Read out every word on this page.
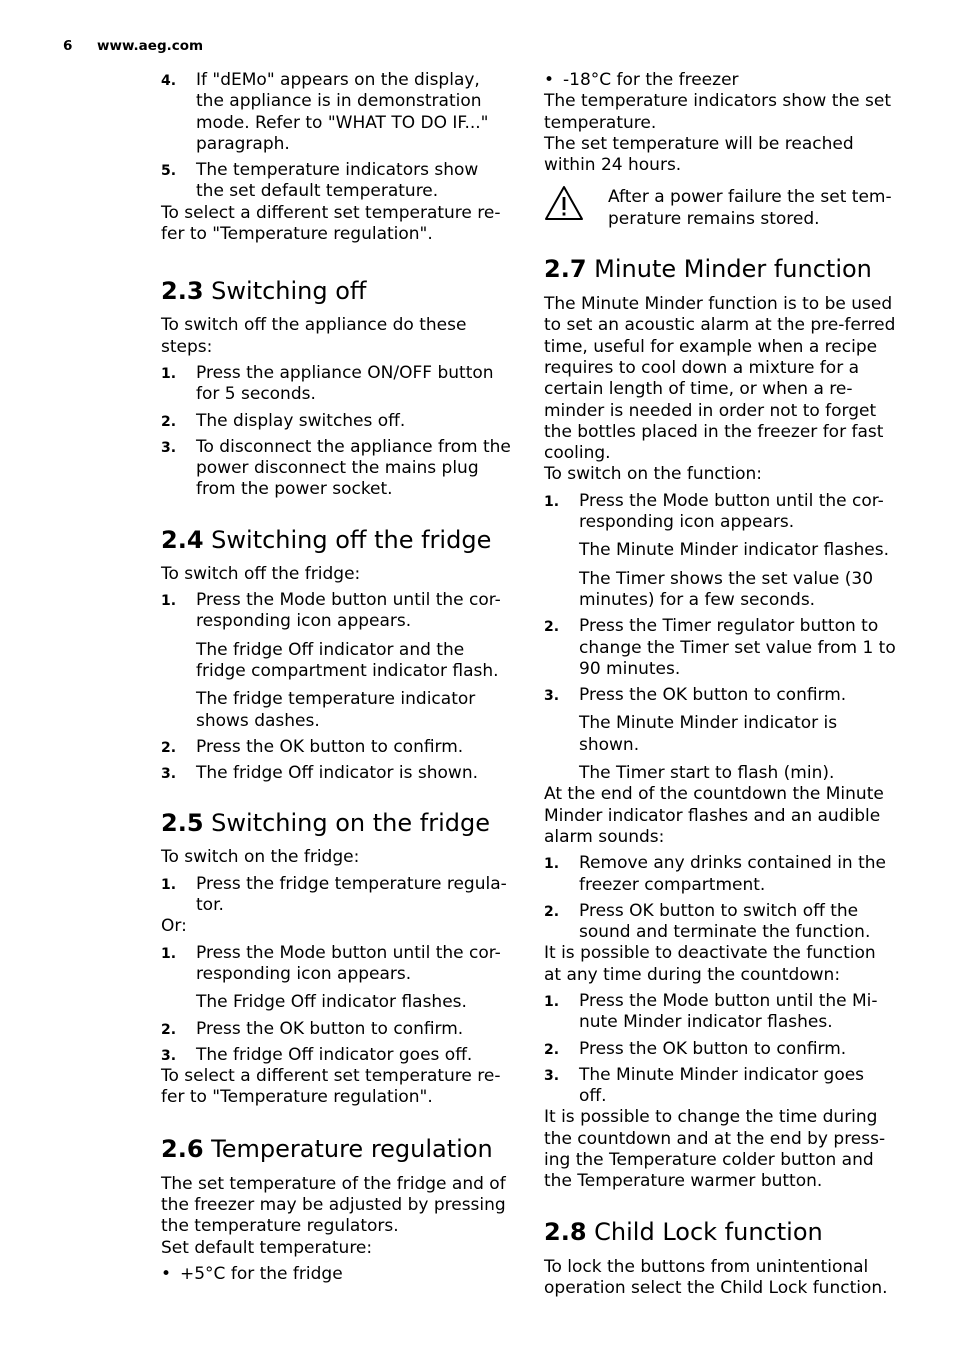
6 www.aeg.com
4. If "dEMo" appears on the display, the appliance is in demonstration mode. Refer to "WHAT TO DO IF..." paragraph.
5. The temperature indicators show the set default temperature.

To select a different set temperature re-fer to "Temperature regulation".

2.3 Switching off

To switch off the appliance do these steps:

1. Press the appliance ON/OFF button for 5 seconds.
2. The display switches off.
3. To disconnect the appliance from the power disconnect the mains plug from the power socket.
2.4 Switching off the fridge

To switch off the fridge:

1. Press the Mode button until the cor-responding icon appears.
The fridge Off indicator and the fridge compartment indicator flash.
The fridge temperature indicator shows dashes.
2. Press the OK button to confirm.
3. The fridge Off indicator is shown.
2.5 Switching on the fridge

To switch on the fridge:

1. Press the fridge temperature regula-tor.

Or:

1. Press the Mode button until the cor-responding icon appears.
The Fridge Off indicator flashes.
2. Press the OK button to confirm.
3. The fridge Off indicator goes off.

To select a different set temperature re-fer to "Temperature regulation".

2.6 Temperature regulation

The set temperature of the fridge and of the freezer may be adjusted by pressing the temperature regulators.

Set default temperature:

• +5°C for the fridge
• -18°C for the freezer

The temperature indicators show the set temperature.

The set temperature will be reached within 24 hours.

After a power failure the set tem-perature remains stored.

2.7 Minute Minder function

The Minute Minder function is to be used to set an acoustic alarm at the pre-ferred time, useful for example when a recipe requires to cool down a mixture for a certain length of time, or when a re-minder is needed in order not to forget the bottles placed in the freezer for fast cooling.

To switch on the function:

1. Press the Mode button until the cor-responding icon appears.
The Minute Minder indicator flashes.
The Timer shows the set value (30 minutes) for a few seconds.
2. Press the Timer regulator button to change the Timer set value from 1 to 90 minutes.
3. Press the OK button to confirm.
The Minute Minder indicator is shown.
The Timer start to flash (min).

At the end of the countdown the Minute Minder indicator flashes and an audible alarm sounds:

1. Remove any drinks contained in the freezer compartment.
2. Press OK button to switch off the sound and terminate the function.

It is possible to deactivate the function at any time during the countdown:

1. Press the Mode button until the Mi-nute Minder indicator flashes.
2. Press the OK button to confirm.
3. The Minute Minder indicator goes off.

It is possible to change the time during the countdown and at the end by press-ing the Temperature colder button and the Temperature warmer button.

2.8 Child Lock function

To lock the buttons from unintentional operation select the Child Lock function.
